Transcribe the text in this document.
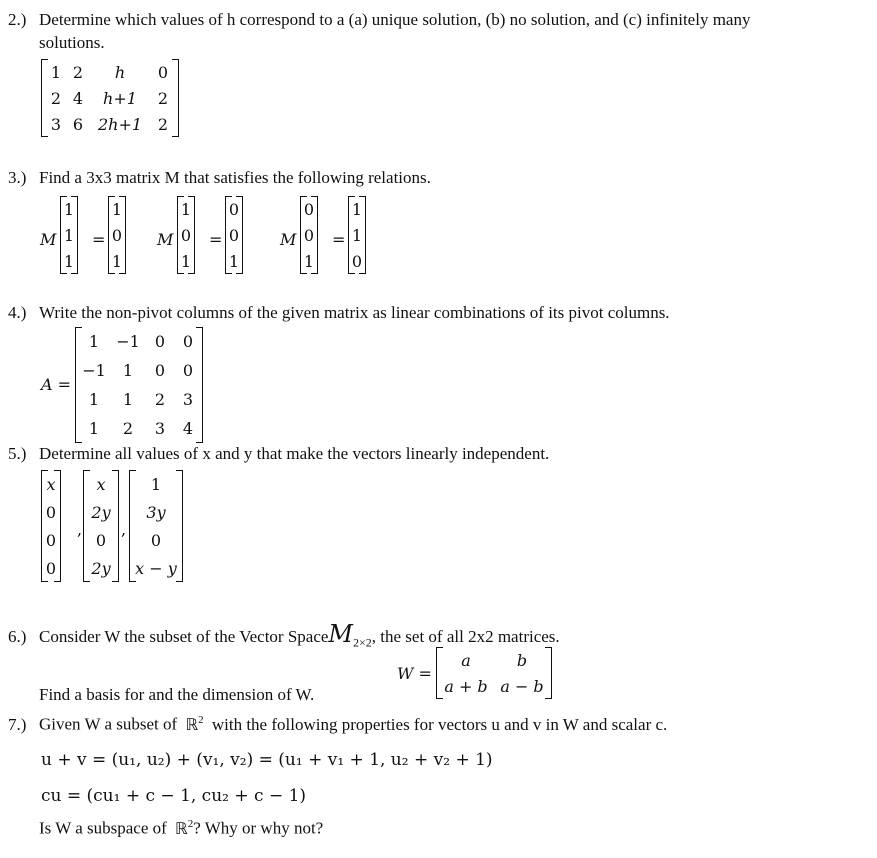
2.) Determine which values of h correspond to a (a) unique solution, (b) no solution, and (c) infinitely many
solutions.
1	2	h	0
2	4	h+1	2
3	6	2h+1	2
3.) Find a 3x3 matrix M that satisfies the following relations.
M
1
1
1
=
1
0
1
M
1
0
1
=
0
0
1
M
0
0
1
=
1
1
0
4.) Write the non-pivot columns of the given matrix as linear combinations of its pivot columns.
A =
1	−1	0	0
−1	1	0	0
1	1	2	3
1	2	3	4
5.) Determine all values of x and y that make the vectors linearly independent.
x
0
0
0
,
x
2y
0
2y
,
1
3y
0
x − y
6.) Consider W the subset of the Vector SpaceM$_{2\times 2}$, the set of all 2x2 matrices.
W =
a	b
a + b	a − b
Find a basis for and the dimension of W.
7.) Given W a subset of ℝ$^2$ with the following properties for vectors u and v in W and scalar c.
u + v = (u₁, u₂) + (v₁, v₂) = (u₁ + v₁ + 1, u₂ + v₂ + 1)
cu = (cu₁ + c − 1, cu₂ + c − 1)
Is W a subspace of ℝ$^2$? Why or why not?
